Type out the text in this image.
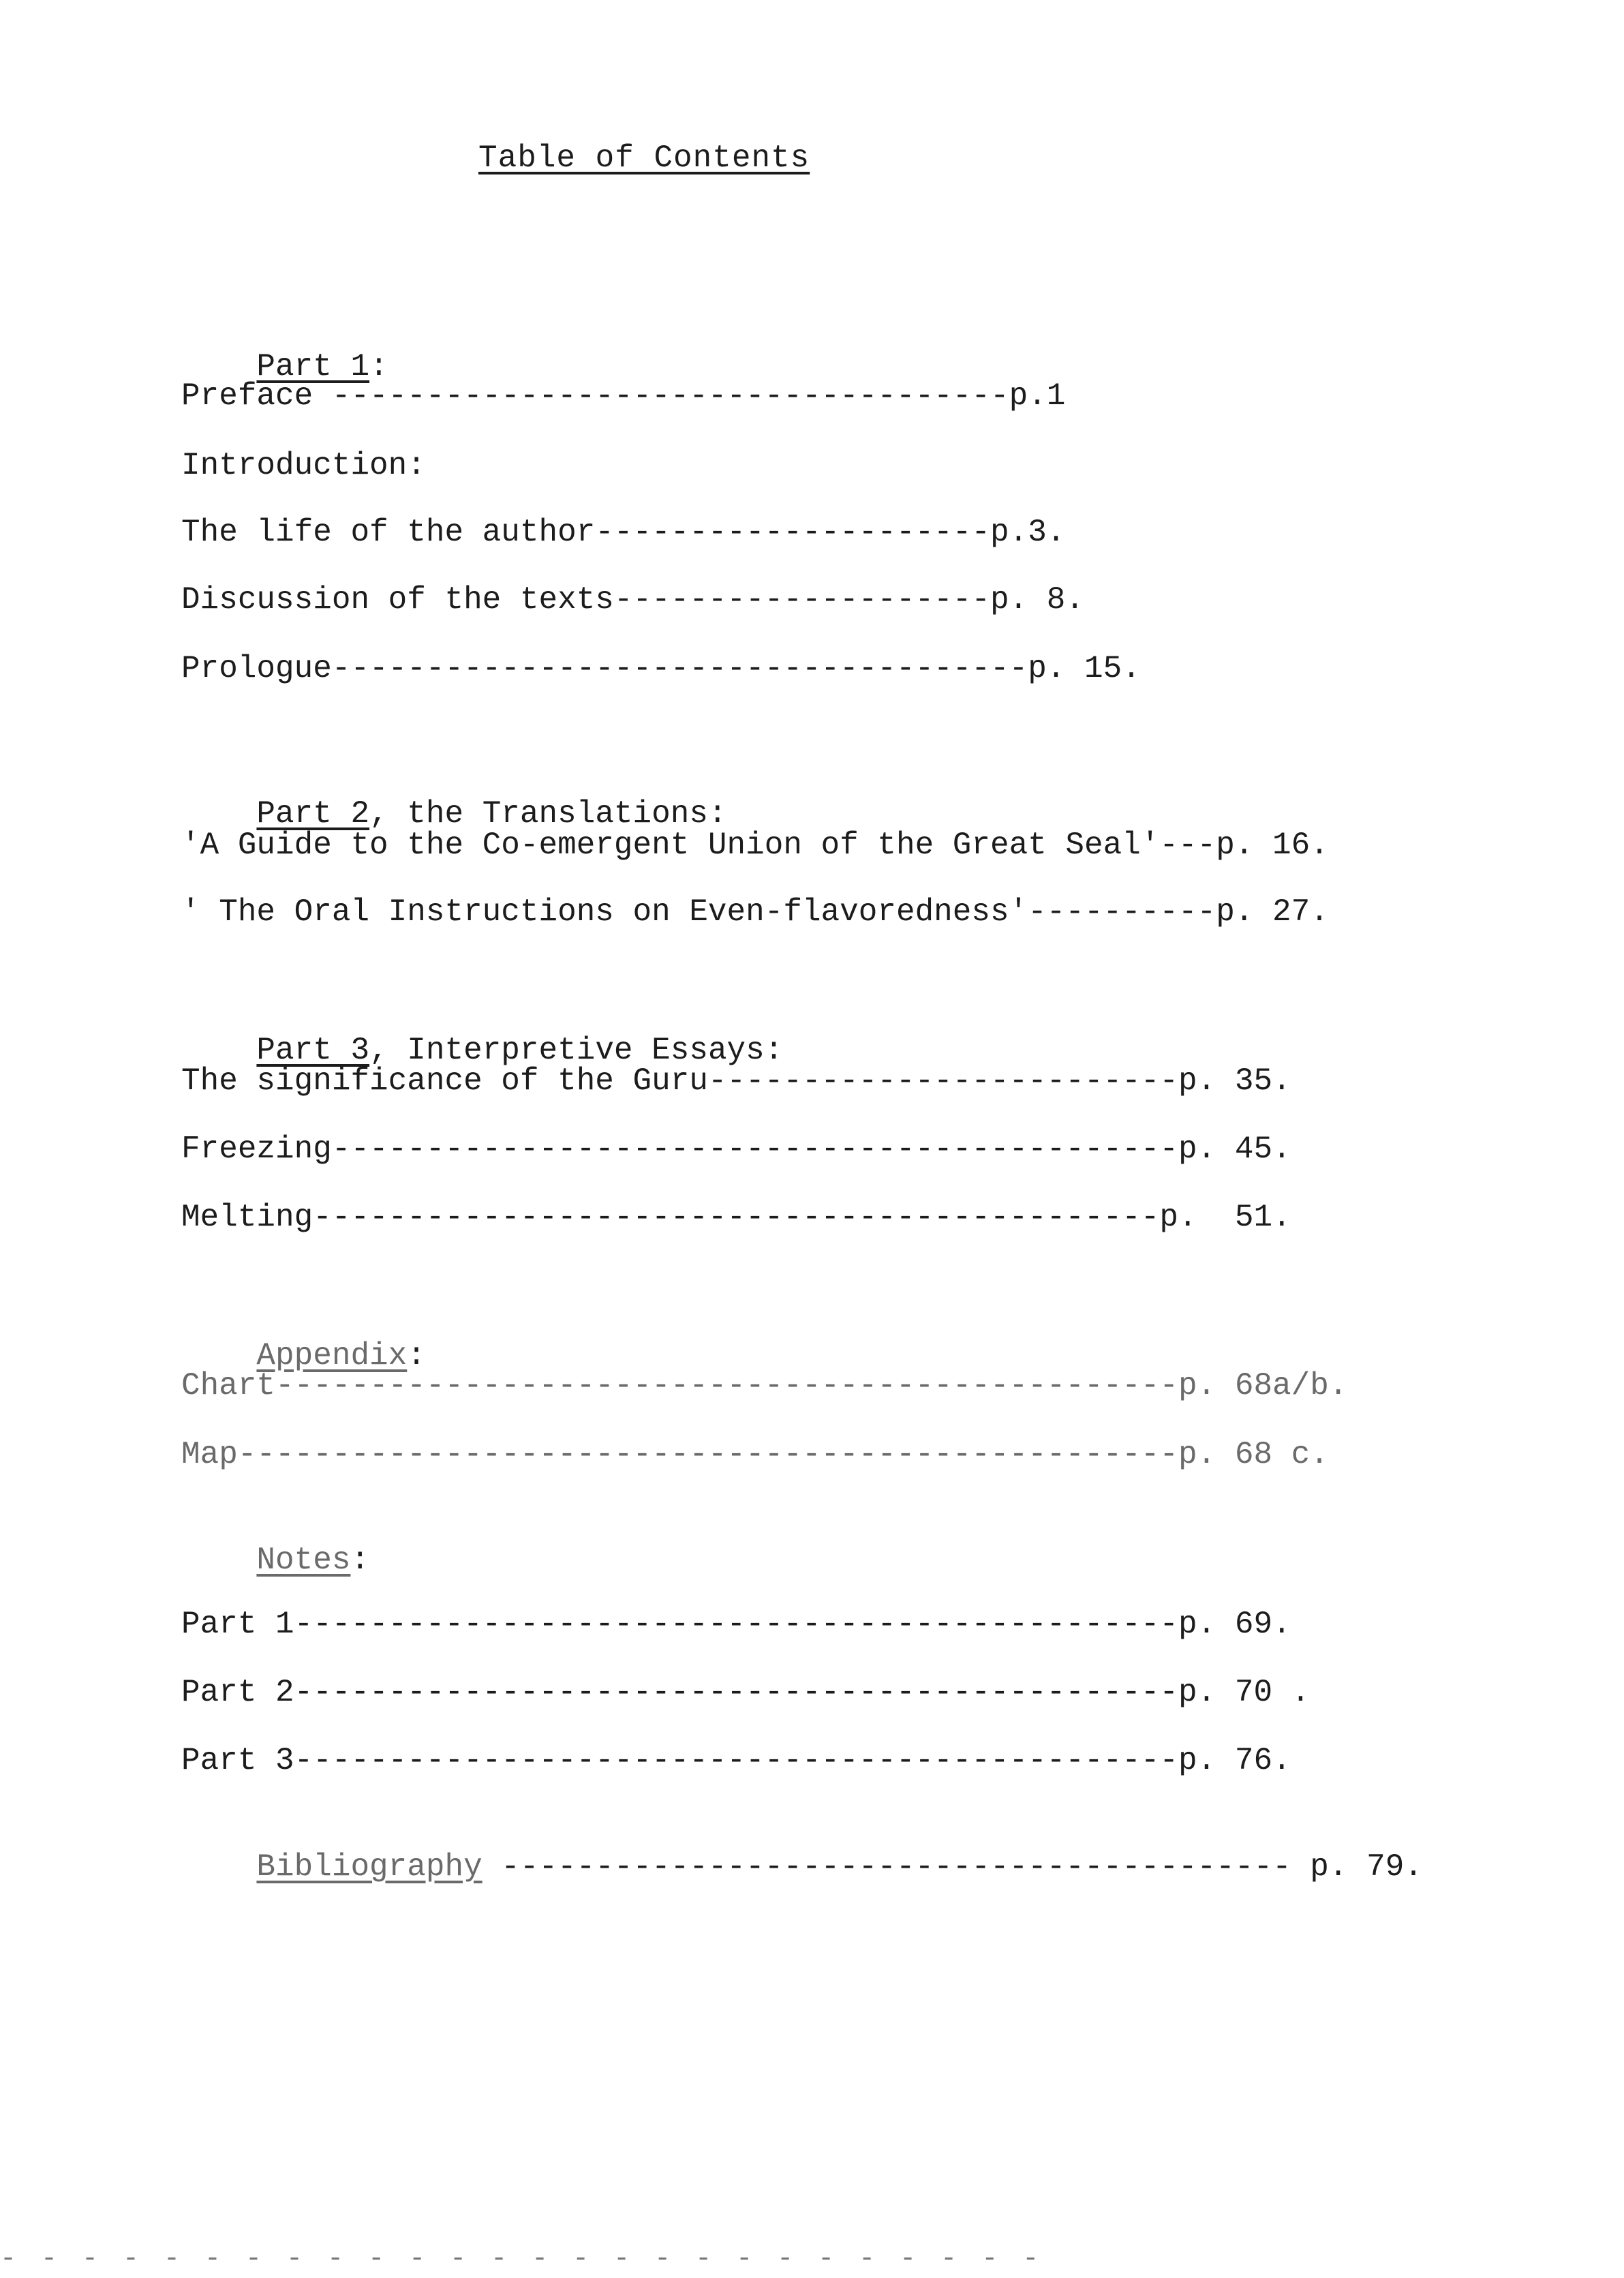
Table of Contents

Part 1:

Preface ------------------------------------p.1
Introduction:
The life of the author---------------------p.3.
Discussion of the texts--------------------p. 8.
Prologue-------------------------------------p. 15.

Part 2, the Translations:

'A Guide to the Co-emergent Union of the Great Seal'---p. 16.
' The Oral Instructions on Even-flavoredness'----------p. 27.

Part 3, Interpretive Essays:

The significance of the Guru-------------------------p. 35.
Freezing---------------------------------------------p. 45.
Melting---------------------------------------------p.  51.

Appendix:

Chart------------------------------------------------p. 68a/b.
Map--------------------------------------------------p. 68 c.

Notes:

Part 1-----------------------------------------------p. 69.
Part 2-----------------------------------------------p. 70 .
Part 3-----------------------------------------------p. 76.

Bibliography ------------------------------------------ p. 79.

- - - - - - - - - - - - - - - - - - - - - - - - - -
